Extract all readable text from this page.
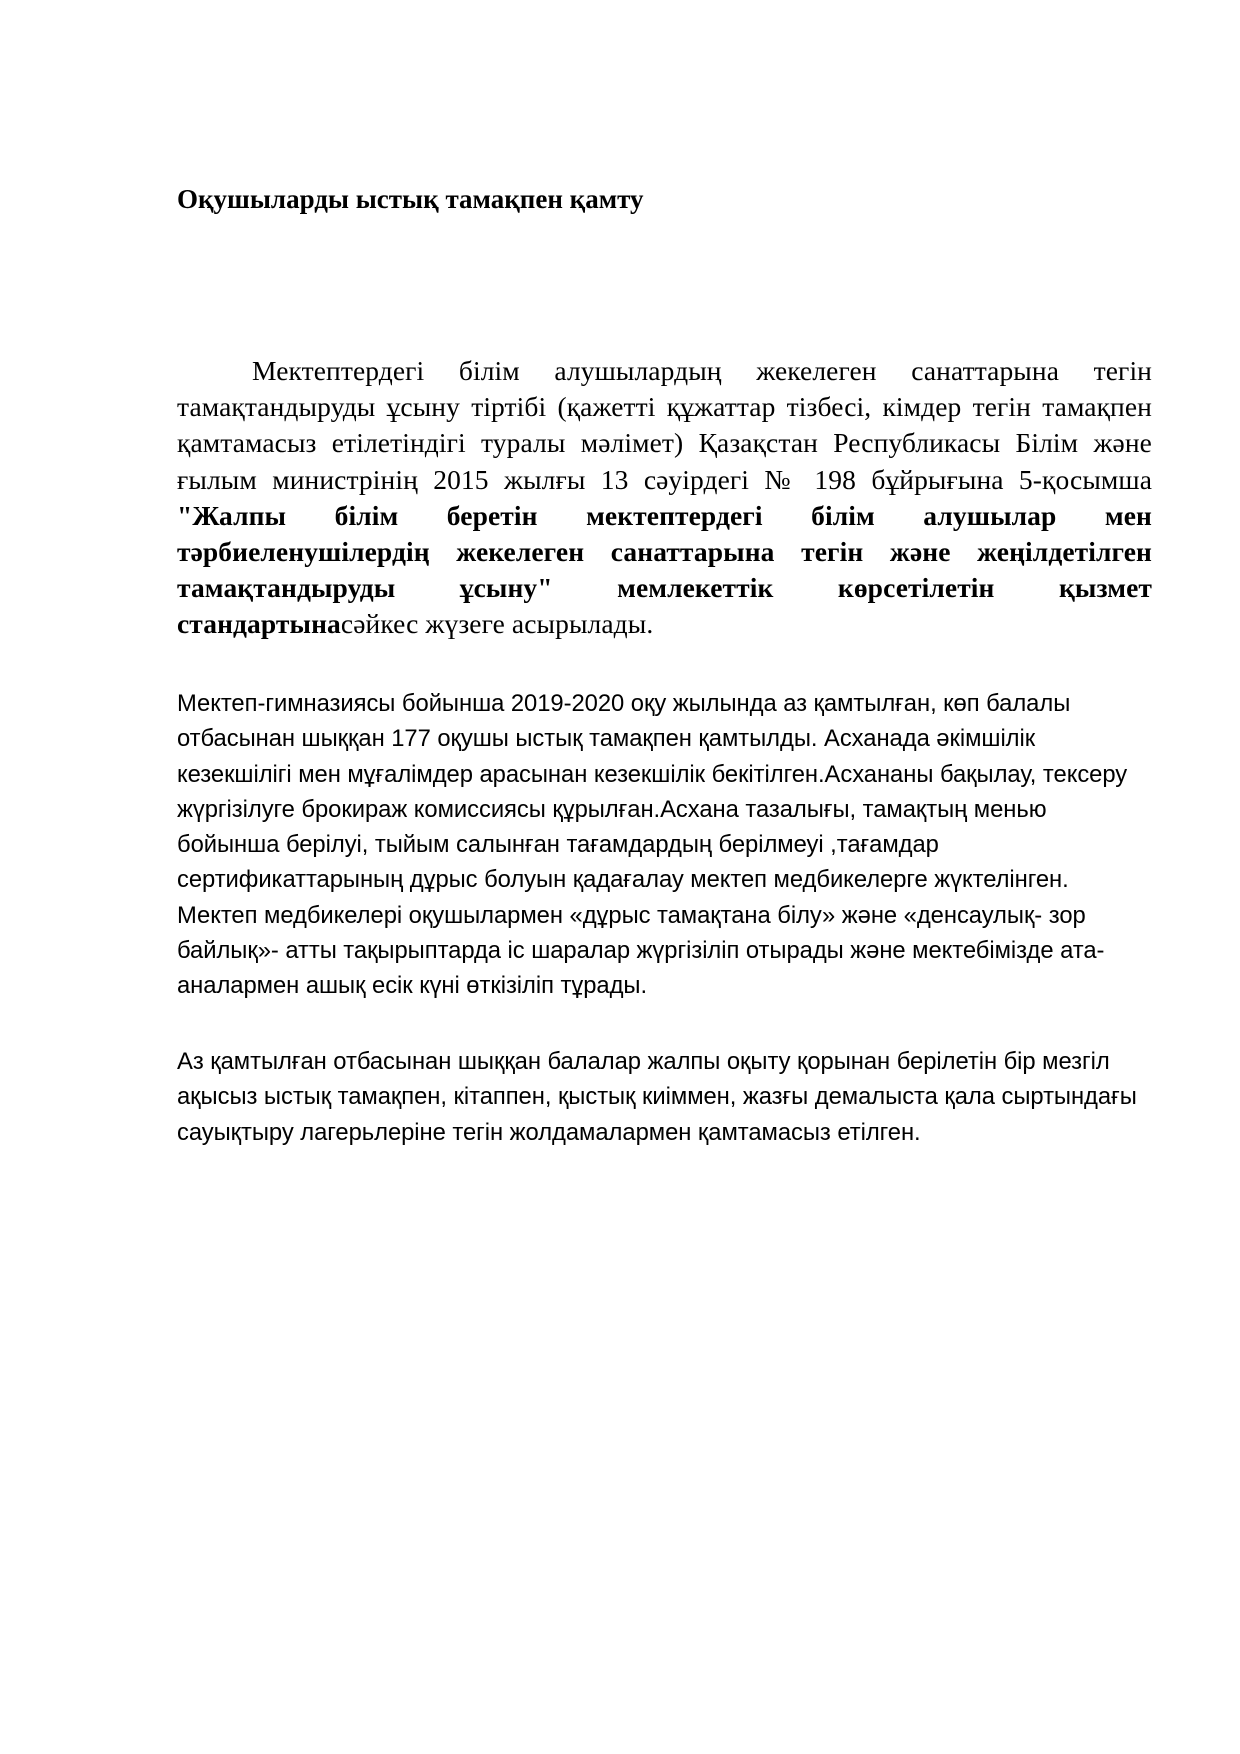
Оқушыларды ыстық тамақпен қамту

Мектептердегі білім алушылардың жекелеген санаттарына тегін тамақтандыруды ұсыну тіртібі (қажетті құжаттар тізбесі, кімдер тегін тамақпен қамтамасыз етілетіндігі туралы мәлімет) Қазақстан Республикасы Білім және ғылым министрінің 2015 жылғы 13 сәуірдегі № 198 бұйрығына 5-қосымша "Жалпы білім беретін мектептердегі білім алушылар мен тәрбиеленушілердің жекелеген санаттарына тегін және жеңілдетілген тамақтандыруды ұсыну" мемлекеттік көрсетілетін қызмет стандартынасәйкес жүзеге асырылады.

Мектеп-гимназиясы бойынша 2019-2020 оқу жылында аз қамтылған, көп балалы отбасынан шыққан 177 оқушы ыстық тамақпен қамтылды. Асханада әкімшілік кезекшілігі мен мұғалімдер арасынан кезекшілік бекітілген.Асхананы бақылау, тексеру жүргізілуге брокираж комиссиясы құрылған.Асхана тазалығы, тамақтың менью бойынша берілуі, тыйым салынған тағамдардың берілмеуі ,тағамдар сертификаттарының дұрыс болуын қадағалау мектеп медбикелерге жүктелінген. Мектеп медбикелері оқушылармен «дұрыс тамақтана білу» және «денсаулық- зор байлық»- атты тақырыптарда іс шаралар жүргізіліп отырады және мектебімізде ата-аналармен ашық есік күні өткізіліп тұрады.

Аз қамтылған отбасынан шыққан балалар жалпы оқыту қорынан берілетін бір мезгіл ақысыз ыстық тамақпен, кітаппен, қыстық киіммен, жазғы демалыста қала сыртындағы сауықтыру лагерьлеріне тегін жолдамалармен қамтамасыз етілген.
